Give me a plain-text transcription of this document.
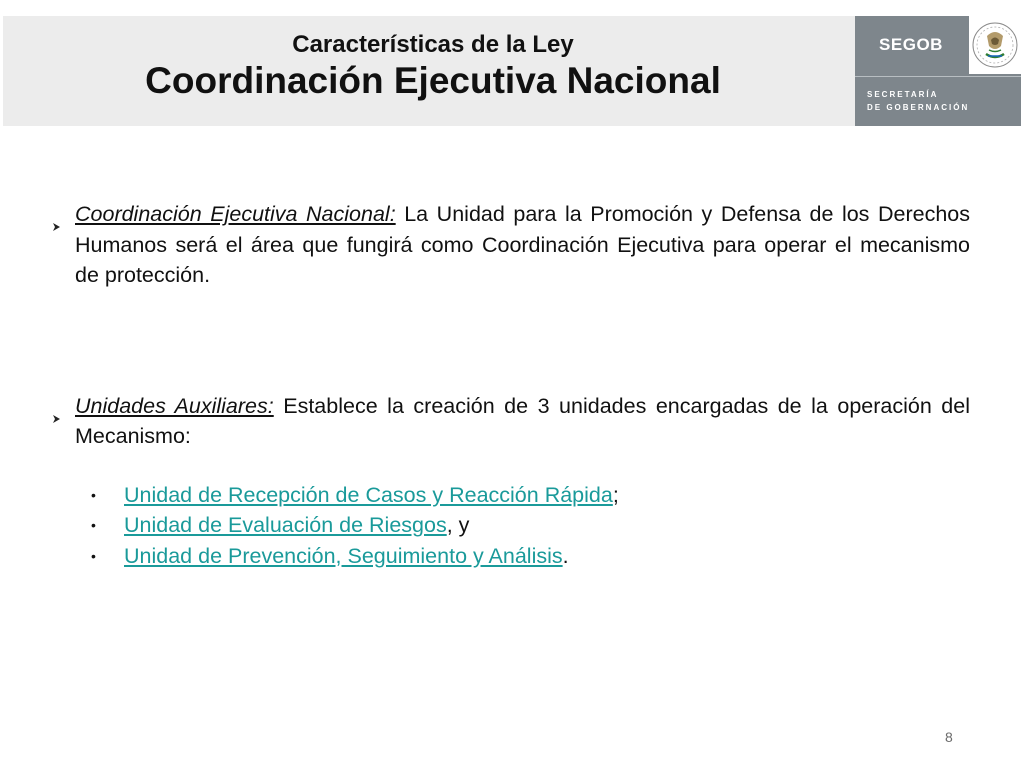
Características de la Ley
Coordinación Ejecutiva Nacional
SEGOB
SECRETARÍA
DE GOBERNACIÓN
Coordinación Ejecutiva Nacional: La Unidad para la Promoción y Defensa de los Derechos Humanos será el área que fungirá como Coordinación Ejecutiva para operar el mecanismo de protección.
Unidades Auxiliares: Establece la creación de 3 unidades encargadas de la operación del Mecanismo:
• Unidad de Recepción de Casos y Reacción Rápida;
• Unidad de Evaluación de Riesgos, y
• Unidad de Prevención, Seguimiento y Análisis.
8
